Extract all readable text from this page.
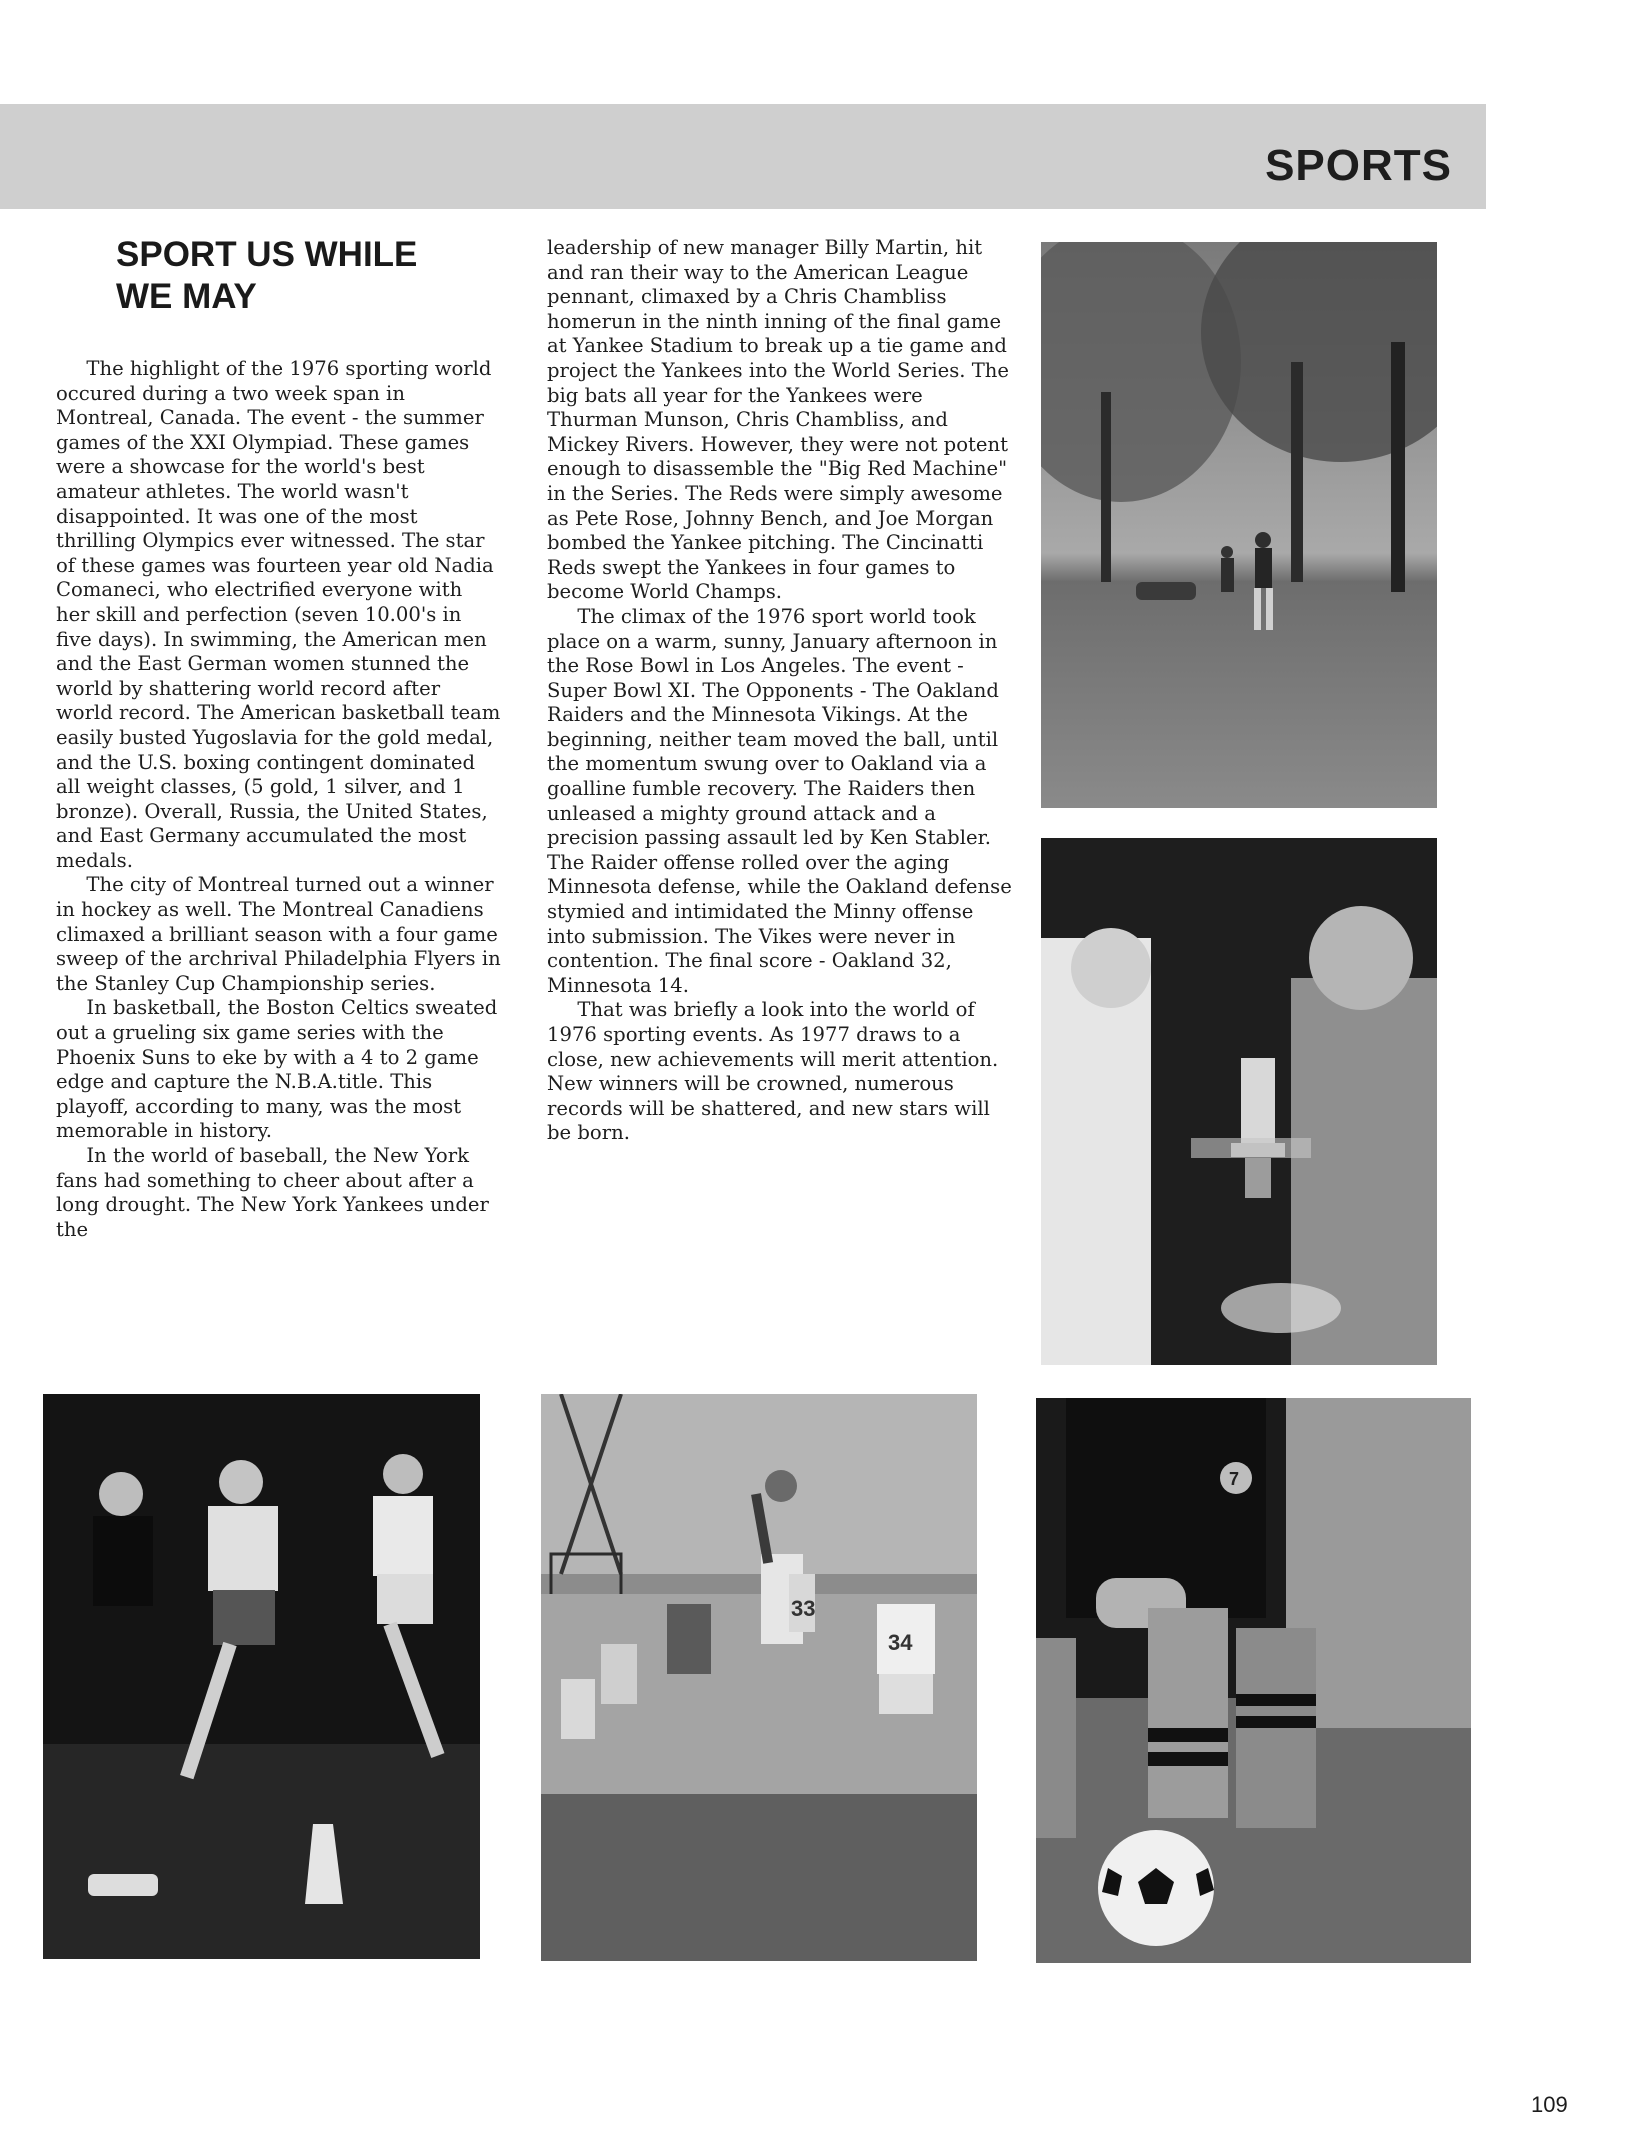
SPORTS
SPORT US WHILE
WE MAY

The highlight of the 1976 sporting world occured during a two week span in Montreal, Canada. The event - the summer games of the XXI Olympiad. These games were a showcase for the world's best amateur athletes. The world wasn't disappointed. It was one of the most thrilling Olympics ever witnessed. The star of these games was fourteen year old Nadia Comaneci, who electrified everyone with her skill and perfection (seven 10.00's in five days). In swimming, the American men and the East German women stunned the world by shattering world record after world record. The American basketball team easily busted Yugoslavia for the gold medal, and the U.S. boxing contingent dominated all weight classes, (5 gold, 1 silver, and 1 bronze). Overall, Russia, the United States, and East Germany accumulated the most medals.

The city of Montreal turned out a winner in hockey as well. The Montreal Canadiens climaxed a brilliant season with a four game sweep of the archrival Philadelphia Flyers in the Stanley Cup Championship series.

In basketball, the Boston Celtics sweated out a grueling six game series with the Phoenix Suns to eke by with a 4 to 2 game edge and capture the N.B.A.title. This playoff, according to many, was the most memorable in history.

In the world of baseball, the New York fans had something to cheer about after a long drought. The New York Yankees under the

leadership of new manager Billy Martin, hit and ran their way to the American League pennant, climaxed by a Chris Chambliss homerun in the ninth inning of the final game at Yankee Stadium to break up a tie game and project the Yankees into the World Series. The big bats all year for the Yankees were Thurman Munson, Chris Chambliss, and Mickey Rivers. However, they were not potent enough to disassemble the "Big Red Machine" in the Series. The Reds were simply awesome as Pete Rose, Johnny Bench, and Joe Morgan bombed the Yankee pitching. The Cincinatti Reds swept the Yankees in four games to become World Champs.

The climax of the 1976 sport world took place on a warm, sunny, January afternoon in the Rose Bowl in Los Angeles. The event - Super Bowl XI. The Opponents - The Oakland Raiders and the Minnesota Vikings. At the beginning, neither team moved the ball, until the momentum swung over to Oakland via a goalline fumble recovery. The Raiders then unleased a mighty ground attack and a precision passing assault led by Ken Stabler. The Raider offense rolled over the aging Minnesota defense, while the Oakland defense stymied and intimidated the Minny offense into submission. The Vikes were never in contention. The final score - Oakland 32, Minnesota 14.

That was briefly a look into the world of 1976 sporting events. As 1977 draws to a close, new achievements will merit attention. New winners will be crowned, numerous records will be shattered, and new stars will be born.

33
34
7
109
